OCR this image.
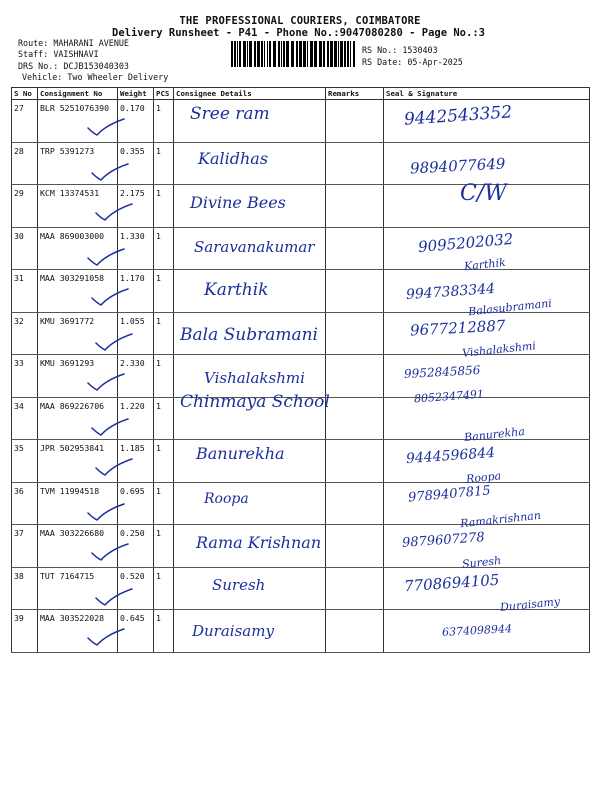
THE PROFESSIONAL COURIERS, COIMBATORE
Delivery Runsheet - P41 - Phone No.:9047080280 - Page No.:3
Route: MAHARANI AVENUE
Staff: VAISHNAVI
DRS No.: DCJB153040303
Vehicle: Two Wheeler Delivery
RS No.: 1530403
RS Date: 05-Apr-2025
S No	Consignment No	Weight	PCS	Consignee Details	Remarks	Seal & Signature
27	BLR 5251076390	0.170	1	Sree ram		9442543352

28	TRP 5391273	0.355	1	Kalidhas		9894077649

29	KCM 13374531	2.175	1	Divine Bees		C/W

30	MAA 869003000	1.330	1	Saravanakumar		9095202032

31	MAA 303291058	1.170	1	Karthik		9947383344
Karthik

32	KMU 3691772	1.055	1	Bala Subramani		9677212887
Balasubramani

33	KMU 3691293	2.330	1	Vishalakshmi		9952845856
Vishalakshmi

34	MAA 869226706	1.220	1	Chinmaya School		8052347491

35	JPR 502953841	1.185	1	Banurekha		9444596844
Banurekha

36	TVM 11994518	0.695	1	Roopa		9789407815
Roopa

37	MAA 303226680	0.250	1	Rama Krishnan		9879607278
Ramakrishnan

38	TUT 7164715	0.520	1	Suresh		7708694105
Suresh

39	MAA 303522028	0.645	1	Duraisamy		6374098944
Duraisamy
